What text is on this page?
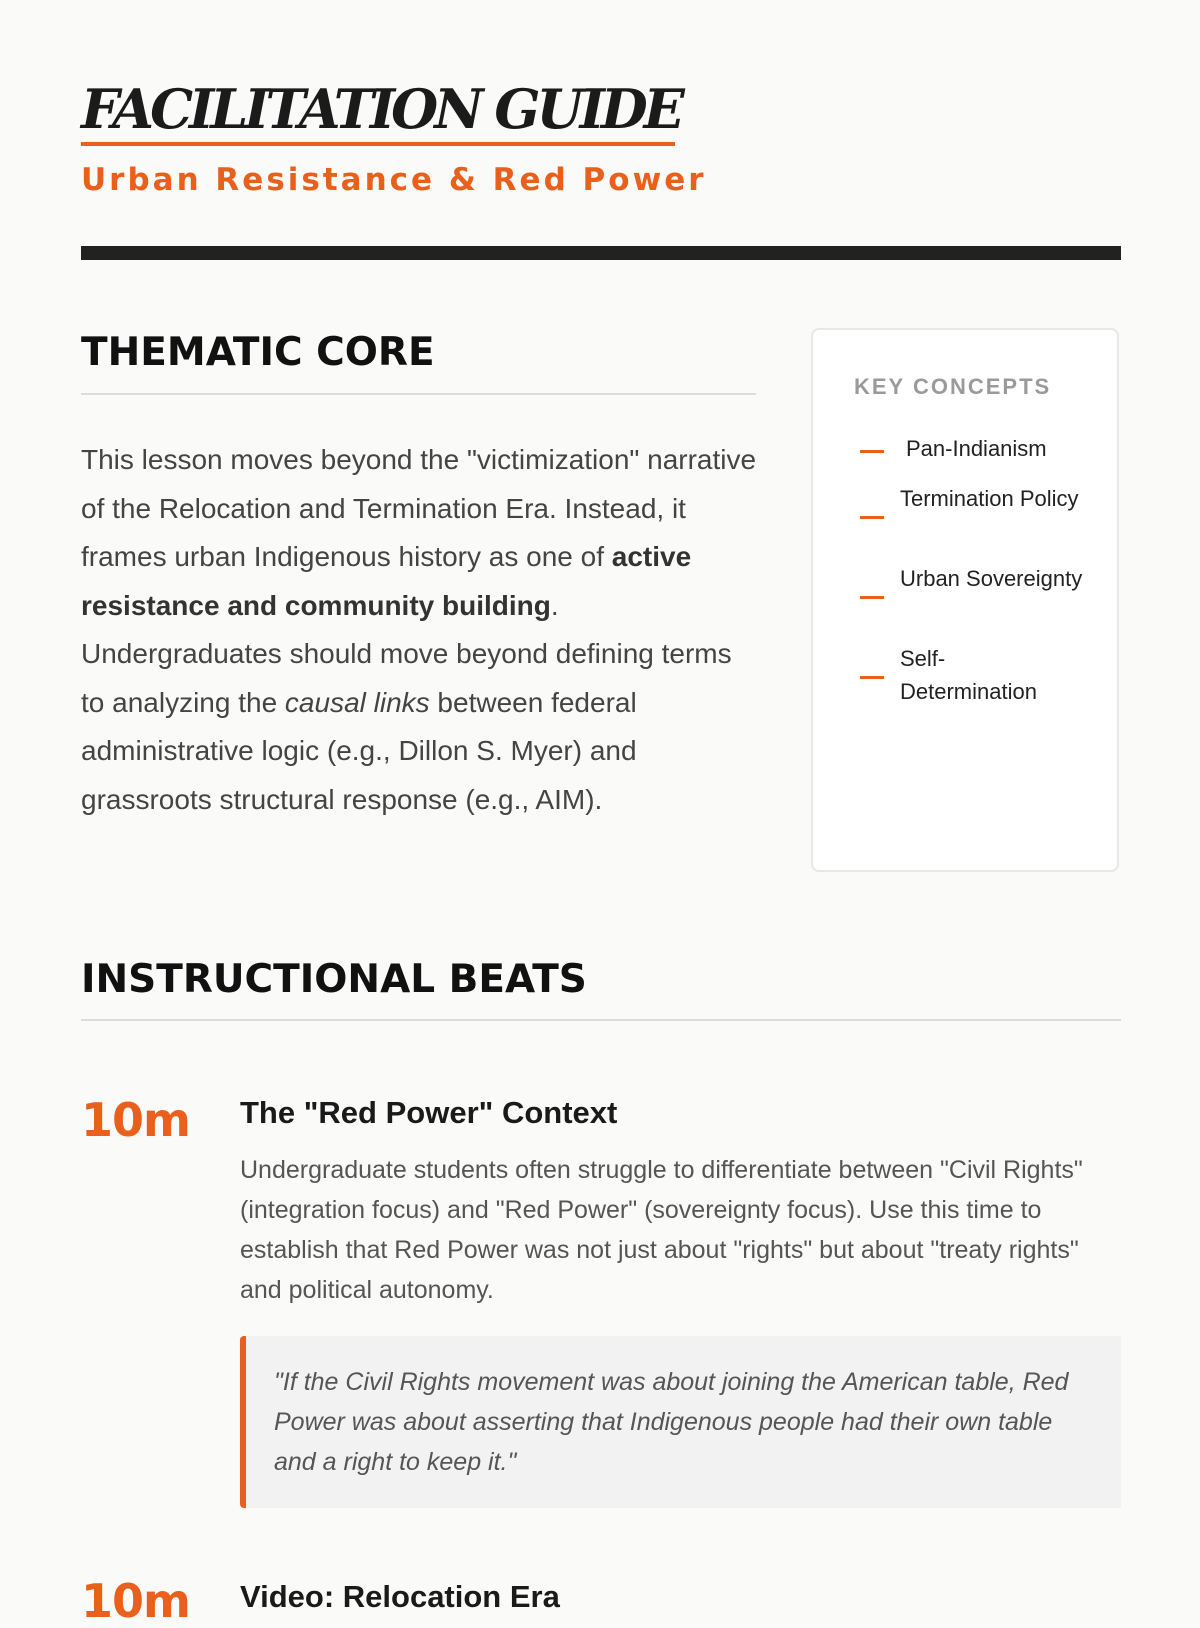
FACILITATION GUIDE
Urban Resistance & Red Power
THEMATIC CORE

This lesson moves beyond the "victimization" narrative of the Relocation and Termination Era. Instead, it frames urban Indigenous history as one of active resistance and community building. Undergraduates should move beyond defining terms to analyzing the causal links between federal administrative logic (e.g., Dillon S. Myer) and grassroots structural response (e.g., AIM).

KEY CONCEPTS
Pan-Indianism
Termination Policy
Urban Sovereignty
Self-Determination
INSTRUCTIONAL BEATS
10m The "Red Power" Context

Undergraduate students often struggle to differentiate between "Civil Rights" (integration focus) and "Red Power" (sovereignty focus). Use this time to establish that Red Power was not just about "rights" but about "treaty rights" and political autonomy.

"If the Civil Rights movement was about joining the American table, Red Power was about asserting that Indigenous people had their own table and a right to keep it."
10m Video: Relocation Era
